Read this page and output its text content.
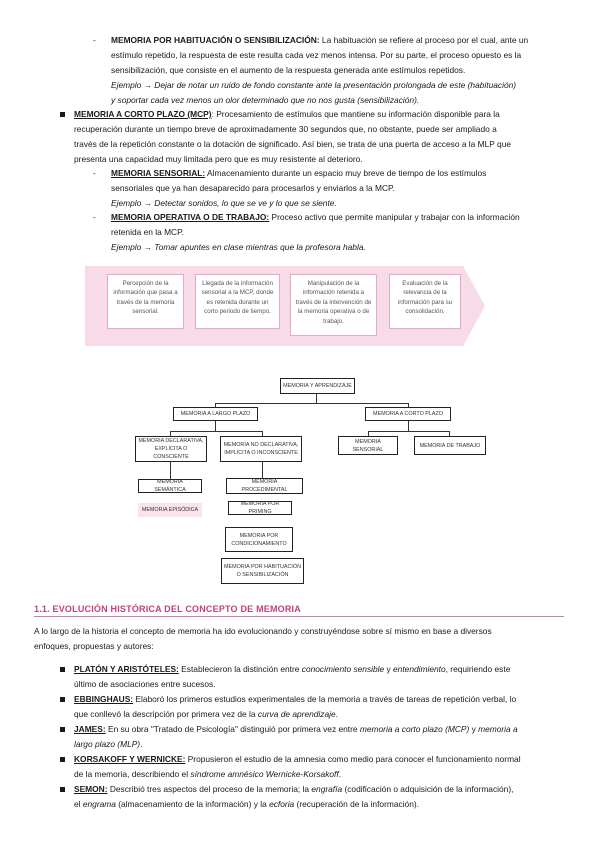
-	MEMORIA POR HABITUACIÓN O SENSIBILIZACIÓN: La habituación se refiere al proceso por el cual, ante un

estímulo repetido, la respuesta de este resulta cada vez menos intensa. Por su parte, el proceso opuesto es la

sensibilización, que consiste en el aumento de la respuesta generada ante estímulos repetidos.

Ejemplo → Dejar de notar un ruido de fondo constante ante la presentación prolongada de este (habituación)

y soportar cada vez menos un olor determinado que no nos gusta (sensibilización).

MEMORIA A CORTO PLAZO (MCP): Procesamiento de estímulos que mantiene su información disponible para la

recuperación durante un tiempo breve de aproximadamente 30 segundos que, no obstante, puede ser ampliado a

través de la repetición constante o la dotación de significado. Así bien, se trata de una puerta de acceso a la MLP que

presenta una capacidad muy limitada pero que es muy resistente al deterioro.

- MEMORIA SENSORIAL: Almacenamiento durante un espacio muy breve de tiempo de los estímulos

sensoriales que ya han desaparecido para procesarlos y enviarlos a la MCP.

Ejemplo → Detectar sonidos, lo que se ve y lo que se siente.

- MEMORIA OPERATIVA O DE TRABAJO: Proceso activo que permite manipular y trabajar con la información

retenida en la MCP.

Ejemplo → Tomar apuntes en clase mientras que la profesora habla.

Percepción de la información que pasa a través de la memoria sensorial.
Llegada de la información sensorial a la MCP, donde es retenida durante un corto periodo de tiempo.
Manipulación de la información retenida a través de la intervención de la memoria operativa o de trabajo.
Evaluación de la relevancia de la información para su consolidación.
MEMORIA Y APRENDIZAJE
MEMORIA A LARGO PLAZO	MEMORIA A CORTO PLAZO
MEMORIA DECLARATIVA, EXPLÍCITA O CONSCIENTE
MEMORIA NO DECLARATIVA, IMPLÍCITA O INCONSCIENTE
MEMORIA SENSORIAL
MEMORIA DE TRABAJO
MEMORIA SEMÁNTICA
MEMORIA EPISÓDICA
MEMORIA PROCEDIMENTAL
MEMORIA POR PRIMING
MEMORIA POR CONDICIONAMIENTO
MEMORIA POR HABITUACIÓN O SENSIBILIZACIÓN
1.1. EVOLUCIÓN HISTÓRICA DEL CONCEPTO DE MEMORIA

A lo largo de la historia el concepto de memoria ha ido evolucionando y construyéndose sobre sí mismo en base a diversos

enfoques, propuestas y autores:

PLATÓN Y ARISTÓTELES: Establecieron la distinción entre conocimiento sensible y entendimiento, requiriendo este

último de asociaciones entre sucesos.

EBBINGHAUS: Elaboró los primeros estudios experimentales de la memoria a través de tareas de repetición verbal, lo

que conllevó la descripción por primera vez de la curva de aprendizaje.

JAMES: En su obra "Tratado de Psicología" distinguió por primera vez entre memoria a corto plazo (MCP) y memoria a

largo plazo (MLP).

KORSAKOFF Y WERNICKE: Propusieron el estudio de la amnesia como medio para conocer el funcionamiento normal

de la memoria, describiendo el síndrome amnésico Wernicke-Korsakoff.

SEMON: Describió tres aspectos del proceso de la memoria; la engrafía (codificación o adquisición de la información),

el engrama (almacenamiento de la información) y la ecforia (recuperación de la información).
